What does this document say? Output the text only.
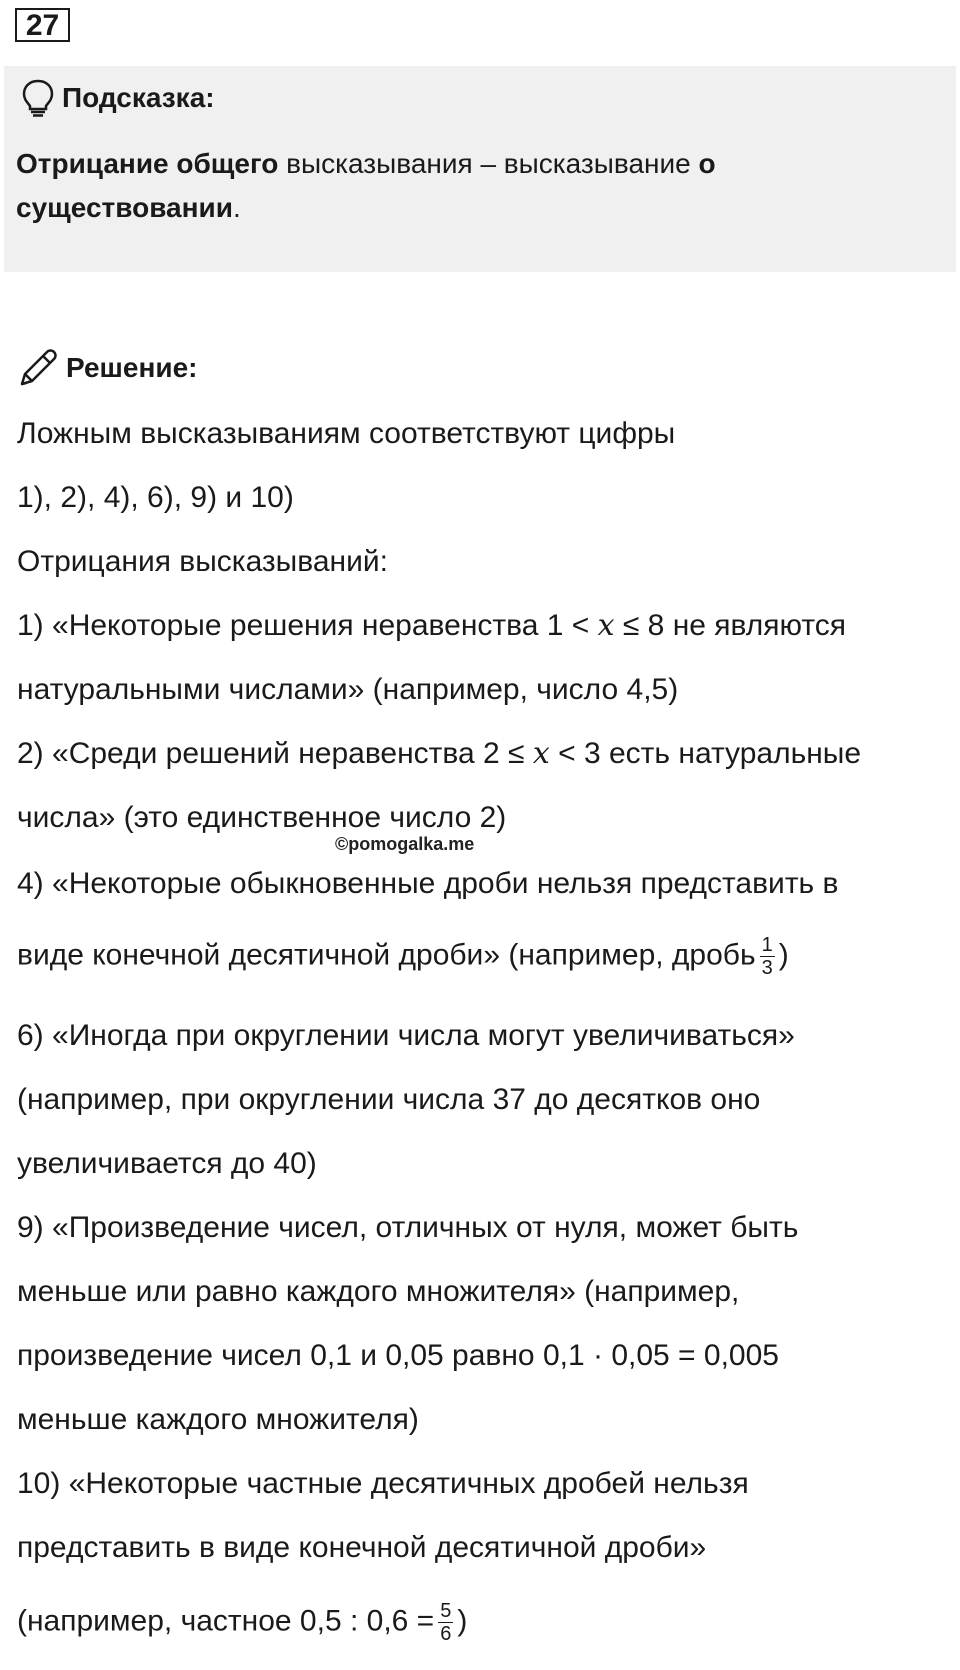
27
Подсказка:
Отрицание общего высказывания – высказывание о
существовании.
Решение:
Ложным высказываниям соответствуют цифры
1), 2), 4), 6), 9) и 10)
Отрицания высказываний:
1) «Некоторые решения неравенства 1 < x ≤ 8 не являются
натуральными числами» (например, число 4,5)
2) «Среди решений неравенства 2 ≤ x < 3 есть натуральные
числа» (это единственное число 2)
©pomogalka.me
4) «Некоторые обыкновенные дроби нельзя представить в
виде конечной десятичной дроби» (например, дробь $\frac{1}{3}$ )
6) «Иногда при округлении числа могут увеличиваться»
(например, при округлении числа 37 до десятков оно
увеличивается до 40)
9) «Произведение чисел, отличных от нуля, может быть
меньше или равно каждого множителя» (например,
произведение чисел 0,1 и 0,05 равно 0,1 · 0,05 = 0,005
меньше каждого множителя)
10) «Некоторые частные десятичных дробей нельзя
представить в виде конечной десятичной дроби»
(например, частное 0,5 : $0,6 = \frac{5}{6}$ )
